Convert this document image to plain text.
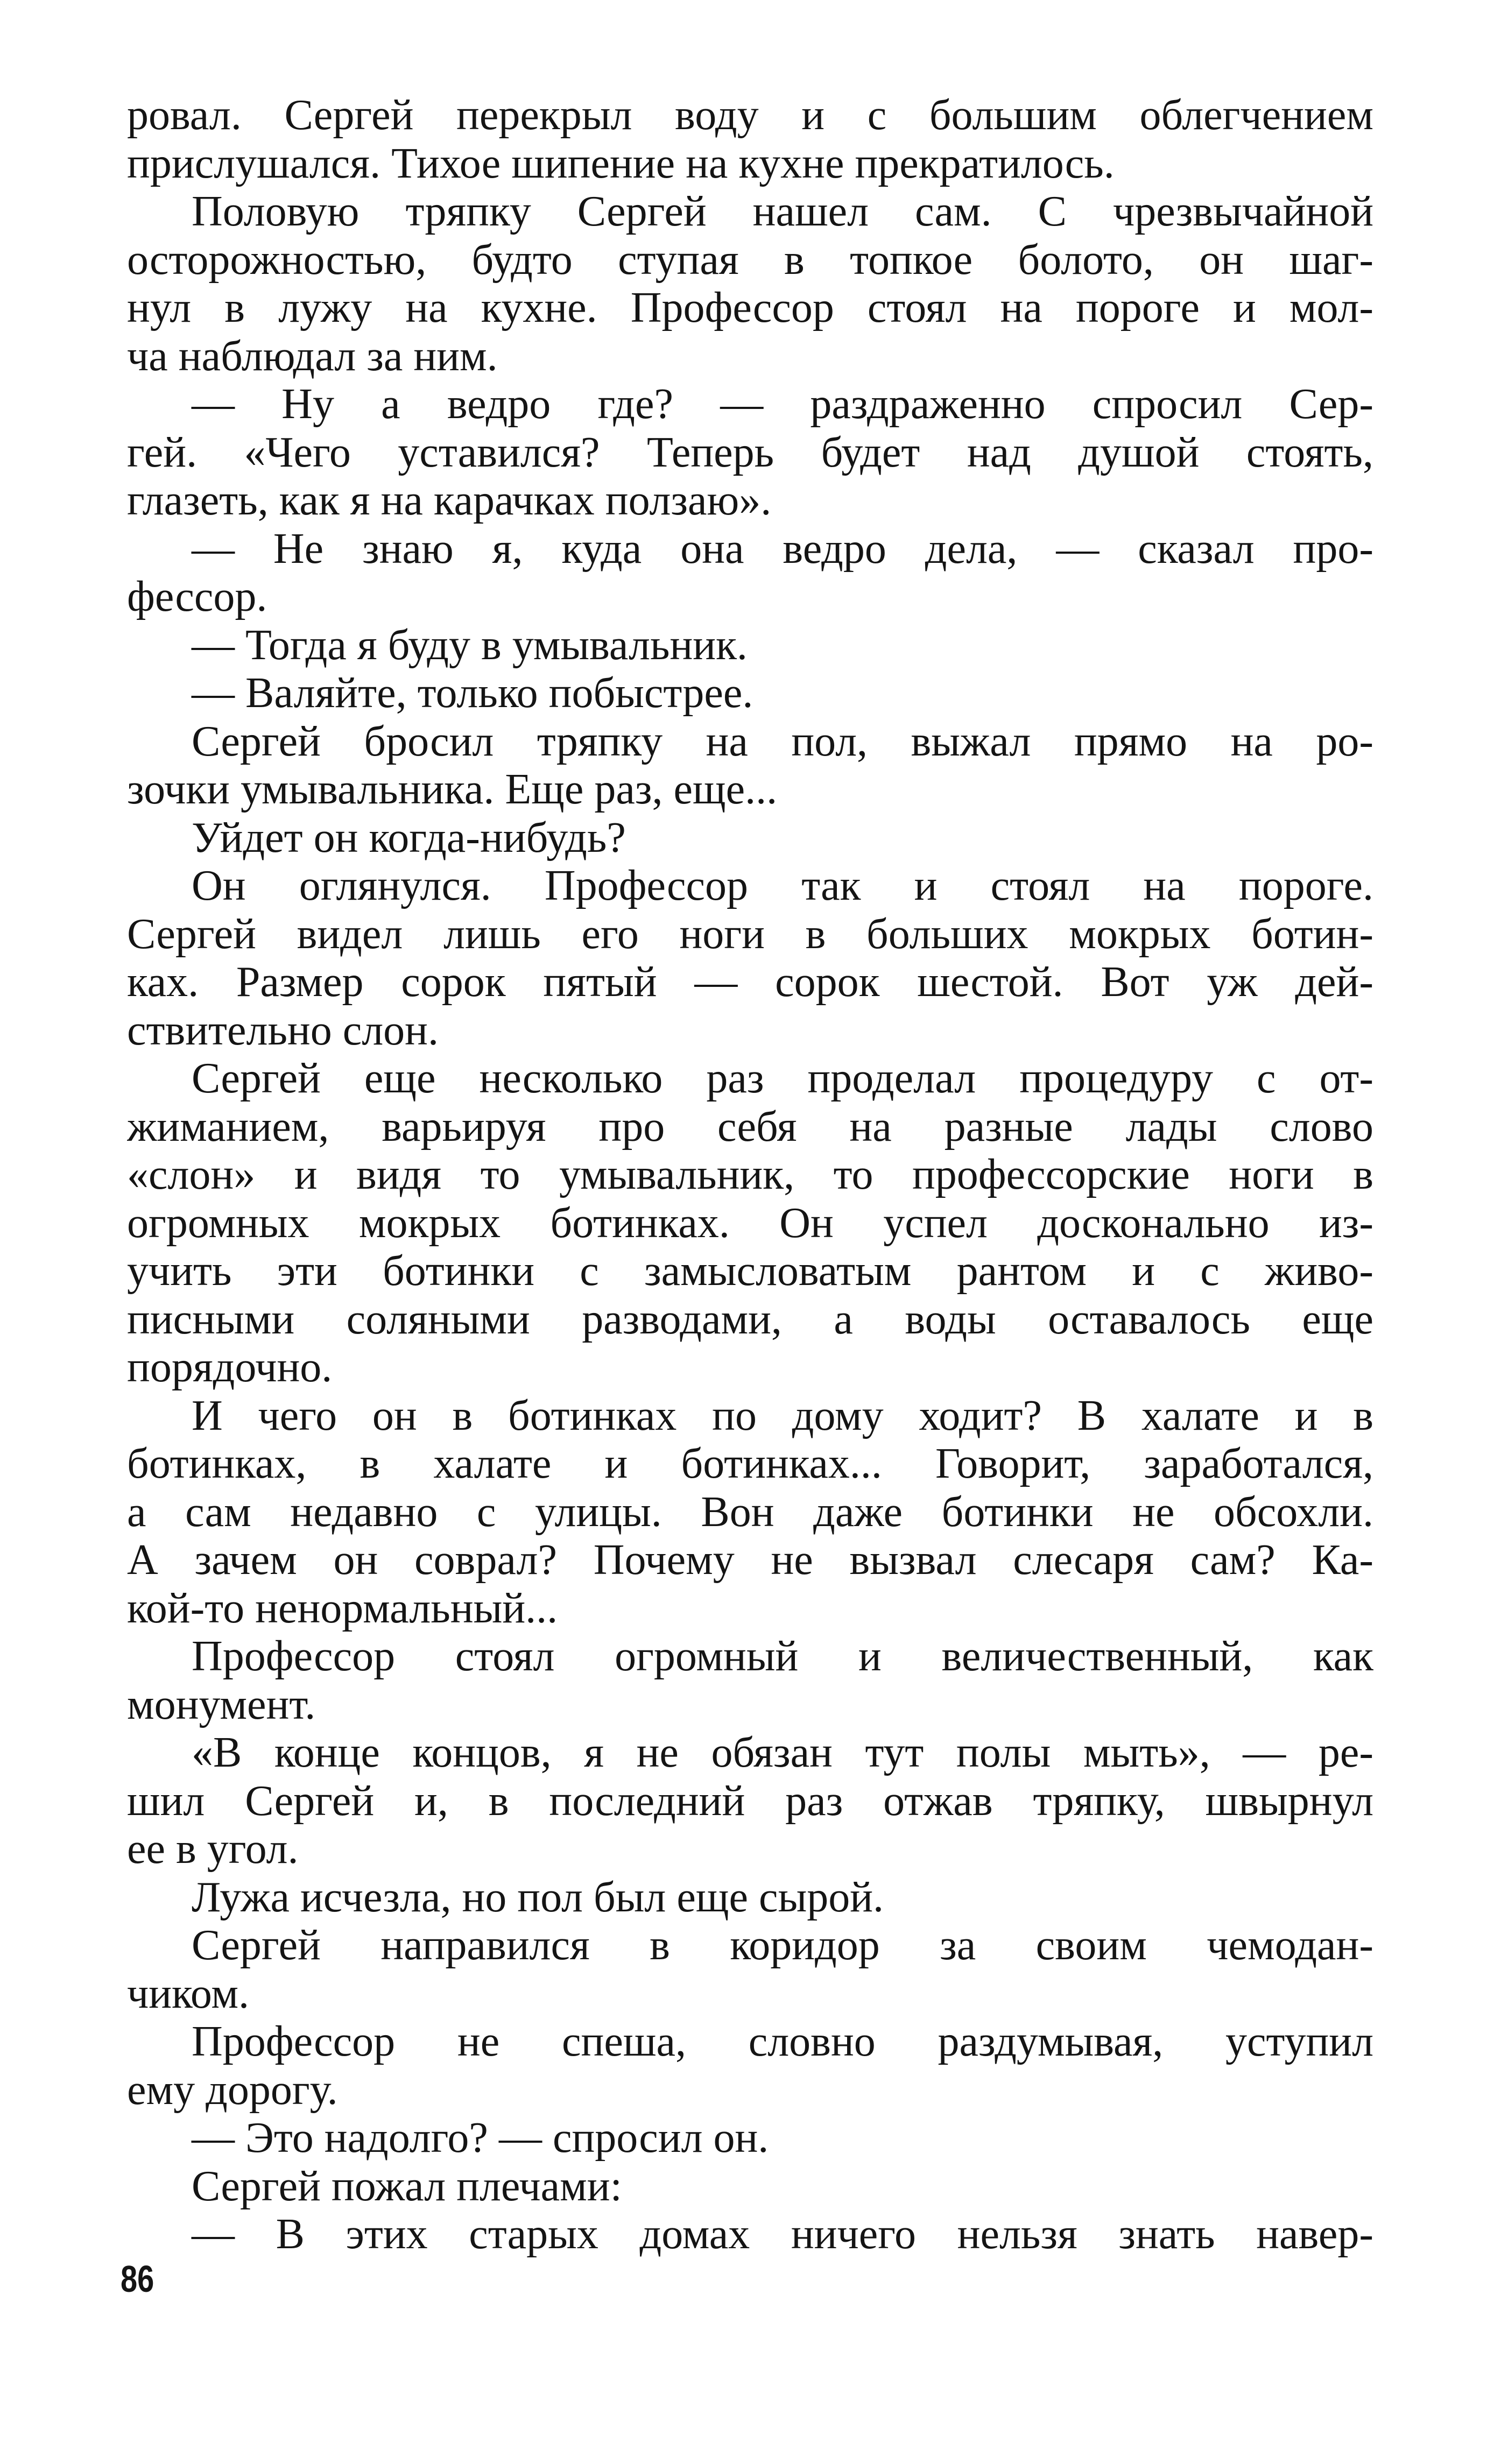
ровал. Сергей перекрыл воду и с большим облегчением
прислушался. Тихое шипение на кухне прекратилось.
Половую тряпку Сергей нашел сам. С чрезвычайной
осторожностью, будто ступая в топкое болото, он шаг-
нул в лужу на кухне. Профессор стоял на пороге и мол-
ча наблюдал за ним.
— Ну а ведро где? — раздраженно спросил Сер-
гей. «Чего уставился? Теперь будет над душой стоять,
глазеть, как я на карачках ползаю».
— Не знаю я, куда она ведро дела, — сказал про-
фессор.
— Тогда я буду в умывальник.
— Валяйте, только побыстрее.
Сергей бросил тряпку на пол, выжал прямо на ро-
зочки умывальника. Еще раз, еще...
Уйдет он когда-нибудь?
Он оглянулся. Профессор так и стоял на пороге.
Сергей видел лишь его ноги в больших мокрых ботин-
ках. Размер сорок пятый — сорок шестой. Вот уж дей-
ствительно слон.
Сергей еще несколько раз проделал процедуру с от-
жиманием, варьируя про себя на разные лады слово
«слон» и видя то умывальник, то профессорские ноги в
огромных мокрых ботинках. Он успел досконально из-
учить эти ботинки с замысловатым рантом и с живо-
писными соляными разводами, а воды оставалось еще
порядочно.
И чего он в ботинках по дому ходит? В халате и в
ботинках, в халате и ботинках... Говорит, заработался,
а сам недавно с улицы. Вон даже ботинки не обсохли.
А зачем он соврал? Почему не вызвал слесаря сам? Ка-
кой-то ненормальный...
Профессор стоял огромный и величественный, как
монумент.
«В конце концов, я не обязан тут полы мыть», — ре-
шил Сергей и, в последний раз отжав тряпку, швырнул
ее в угол.
Лужа исчезла, но пол был еще сырой.
Сергей направился в коридор за своим чемодан-
чиком.
Профессор не спеша, словно раздумывая, уступил
ему дорогу.
— Это надолго? — спросил он.
Сергей пожал плечами:
— В этих старых домах ничего нельзя знать навер-
86
